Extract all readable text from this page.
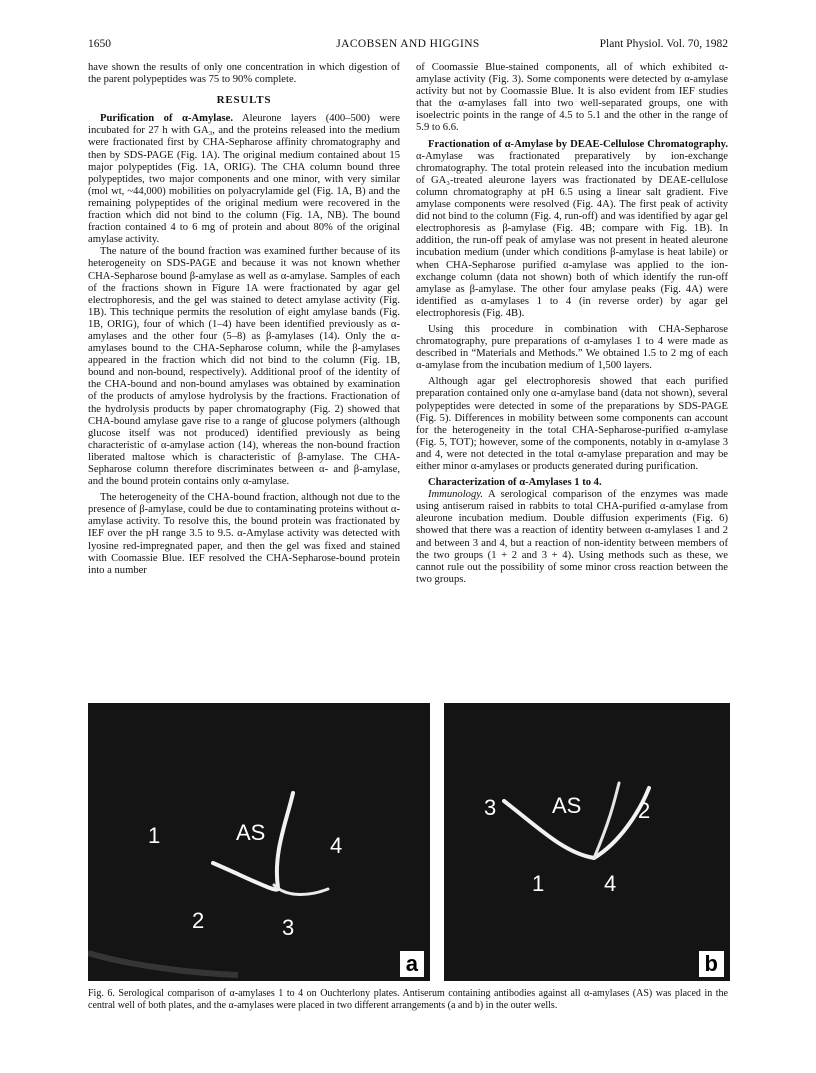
1650	JACOBSEN AND HIGGINS	Plant Physiol. Vol. 70, 1982

have shown the results of only one concentration in which digestion of the parent polypeptides was 75 to 90% complete.

RESULTS

Purification of α-Amylase. Aleurone layers (400–500) were incubated for 27 h with GA₃, and the proteins released into the medium were fractionated first by CHA-Sepharose affinity chromatography and then by SDS-PAGE (Fig. 1A). The original medium contained about 15 major polypeptides (Fig. 1A, ORIG). The CHA column bound three polypeptides, two major components and one minor, with very similar (mol wt, ~44,000) mobilities on polyacrylamide gel (Fig. 1A, B) and the remaining polypeptides of the original medium were recovered in the fraction which did not bind to the column (Fig. 1A, NB). The bound fraction contained 4 to 6 mg of protein and about 80% of the original amylase activity.

The nature of the bound fraction was examined further because of its heterogeneity on SDS-PAGE and because it was not known whether CHA-Sepharose bound β-amylase as well as α-amylase. Samples of each of the fractions shown in Figure 1A were fractionated by agar gel electrophoresis, and the gel was stained to detect amylase activity (Fig. 1B). This technique permits the resolution of eight amylase bands (Fig. 1B, ORIG), four of which (1–4) have been identified previously as α-amylases and the other four (5–8) as β-amylases (14). Only the α-amylases bound to the CHA-Sepharose column, while the β-amylases appeared in the fraction which did not bind to the column (Fig. 1B, bound and non-bound, respectively). Additional proof of the identity of the CHA-bound and non-bound amylases was obtained by examination of the products of amylose hydrolysis by the fractions. Fractionation of the hydrolysis products by paper chromatography (Fig. 2) showed that CHA-bound amylase gave rise to a range of glucose polymers (although glucose itself was not produced) identified previously as being characteristic of α-amylase action (14), whereas the non-bound fraction liberated maltose which is characteristic of β-amylase. The CHA-Sepharose column therefore discriminates between α- and β-amylase, and the bound protein contains only α-amylase.

The heterogeneity of the CHA-bound fraction, although not due to the presence of β-amylase, could be due to contaminating proteins without α-amylase activity. To resolve this, the bound protein was fractionated by IEF over the pH range 3.5 to 9.5. α-Amylase activity was detected with lyosine red-impregnated paper, and then the gel was fixed and stained with Coomassie Blue. IEF resolved the CHA-Sepharose-bound protein into a number

of Coomassie Blue-stained components, all of which exhibited α-amylase activity (Fig. 3). Some components were detected by α-amylase activity but not by Coomassie Blue. It is also evident from IEF studies that the α-amylases fall into two well-separated groups, one with isoelectric points in the range of 4.5 to 5.1 and the other in the range of 5.9 to 6.6.

Fractionation of α-Amylase by DEAE-Cellulose Chromatography. α-Amylase was fractionated preparatively by ion-exchange chromatography. The total protein released into the incubation medium of GA₃-treated aleurone layers was fractionated by DEAE-cellulose column chromatography at pH 6.5 using a linear salt gradient. Five amylase components were resolved (Fig. 4A). The first peak of activity did not bind to the column (Fig. 4, run-off) and was identified by agar gel electrophoresis as β-amylase (Fig. 4B; compare with Fig. 1B). In addition, the run-off peak of amylase was not present in heated aleurone incubation medium (under which conditions β-amylase is heat labile) or when CHA-Sepharose purified α-amylase was applied to the ion-exchange column (data not shown) both of which identify the run-off amylase as β-amylase. The other four amylase peaks (Fig. 4A) were identified as α-amylases 1 to 4 (in reverse order) by agar gel electrophoresis (Fig. 4B).

Using this procedure in combination with CHA-Sepharose chromatography, pure preparations of α-amylases 1 to 4 were made as described in “Materials and Methods.” We obtained 1.5 to 2 mg of each α-amylase from the incubation medium of 1,500 layers.

Although agar gel electrophoresis showed that each purified preparation contained only one α-amylase band (data not shown), several polypeptides were detected in some of the preparations by SDS-PAGE (Fig. 5). Differences in mobility between some components can account for the heterogeneity in the total CHA-Sepharose-purified α-amylase (Fig. 5, TOT); however, some of the components, notably in α-amylase 3 and 4, were not detected in the total α-amylase preparation and may be either minor α-amylases or products generated during purification.

Characterization of α-Amylases 1 to 4.

Immunology. A serological comparison of the enzymes was made using antiserum raised in rabbits to total CHA-purified α-amylase from aleurone incubation medium. Double diffusion experiments (Fig. 6) showed that there was a reaction of identity between α-amylases 1 and 2 and between 3 and 4, but a reaction of non-identity between members of the two groups (1 + 2 and 3 + 4). Using methods such as these, we cannot rule out the possibility of some minor cross reaction between the two groups.

1	AS
4
2	3
a
3	AS	2
1	4
b
Fig. 6. Serological comparison of α-amylases 1 to 4 on Ouchterlony plates. Antiserum containing antibodies against all α-amylases (AS) was placed in the central well of both plates, and the α-amylases were placed in two different arrangements (a and b) in the outer wells.
